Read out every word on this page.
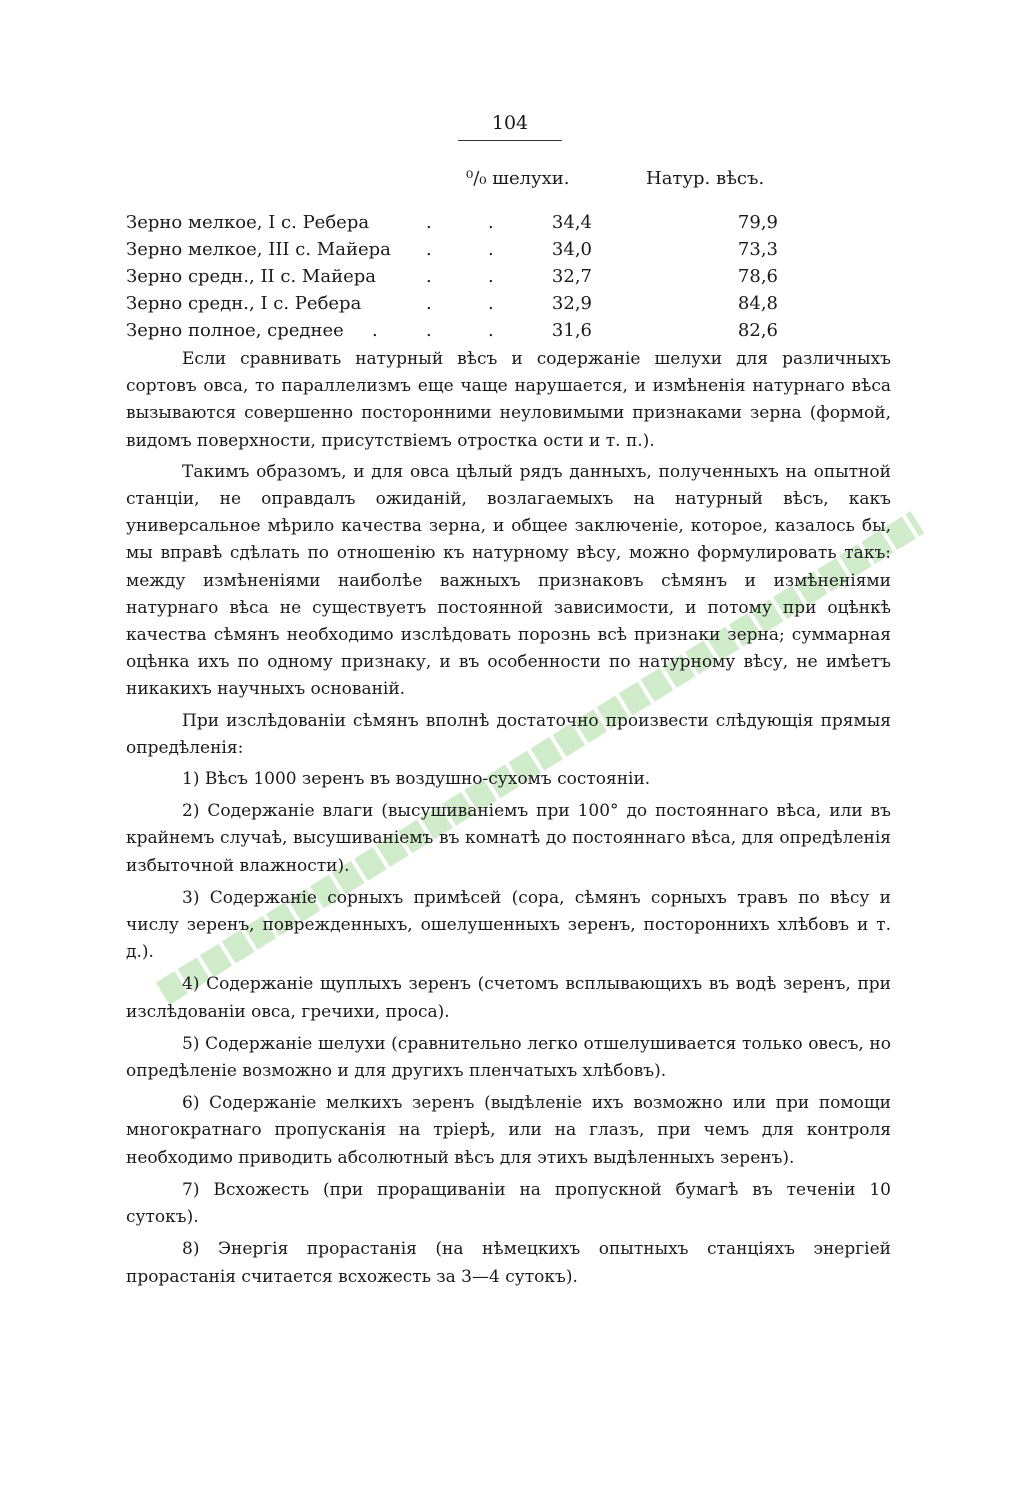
104
⁰/₀ шелухи.	Натур. вѣсъ.
Зерно мелкое, I с. Ребера	.	.	34,4	79,9
Зерно мелкое, III с. Майера .	.	34,0	73,3
Зерно средн., II с. Майера	.	.	32,7	78,6
Зерно средн., I с. Ребера	.	.	32,9	84,8
Зерно полное, среднее .	.	.	31,6	82,6

Если сравнивать натурный вѣсъ и содержаніе шелухи для различныхъ сортовъ овса, то параллелизмъ еще чаще нарушается, и измѣненія натурнаго вѣса вызываются совершенно посторонними неуловимыми признаками зерна (формой, видомъ поверхности, присутствіемъ отростка ости и т. п.).

Такимъ образомъ, и для овса цѣлый рядъ данныхъ, полученныхъ на опытной станціи, не оправдалъ ожиданій, возлагаемыхъ на натурный вѣсъ, какъ универсальное мѣрило качества зерна, и общее заключеніе, которое, казалось бы, мы вправѣ сдѣлать по отношенію къ натурному вѣсу, можно формулировать такъ: между измѣненіями наиболѣе важныхъ признаковъ сѣмянъ и измѣненіями натурнаго вѣса не существуетъ постоянной зависимости, и потому при оцѣнкѣ качества сѣмянъ необходимо изслѣдовать порознь всѣ признаки зерна; суммарная оцѣнка ихъ по одному признаку, и въ особенности по натурному вѣсу, не имѣетъ никакихъ научныхъ основаній.

При изслѣдованіи сѣмянъ вполнѣ достаточно произвести слѣдующія прямыя опредѣленія:

1) Вѣсъ 1000 зеренъ въ воздушно-сухомъ состояніи.

2) Содержаніе влаги (высушиваніемъ при 100° до постояннаго вѣса, или въ крайнемъ случаѣ, высушиваніемъ въ комнатѣ до постояннаго вѣса, для опредѣленія избыточной влажности).

3) Содержаніе сорныхъ примѣсей (сора, сѣмянъ сорныхъ травъ по вѣсу и числу зеренъ, поврежденныхъ, ошелушенныхъ зеренъ, постороннихъ хлѣбовъ и т. д.).

4) Содержаніе щуплыхъ зеренъ (счетомъ всплывающихъ въ водѣ зеренъ, при изслѣдованіи овса, гречихи, проса).

5) Содержаніе шелухи (сравнительно легко отшелушивается только овесъ, но опредѣленіе возможно и для другихъ пленчатыхъ хлѣбовъ).

6) Содержаніе мелкихъ зеренъ (выдѣленіе ихъ возможно или при помощи многократнаго пропусканія на тріерѣ, или на глазъ, при чемъ для контроля необходимо приводить абсолютный вѣсъ для этихъ выдѣленныхъ зеренъ).

7) Всхожесть (при проращиваніи на пропускной бумагѣ въ теченіи 10 сутокъ).

8) Энергія прорастанія (на нѣмецкихъ опытныхъ станціяхъ энергіей прорастанія считается всхожесть за 3—4 сутокъ).
